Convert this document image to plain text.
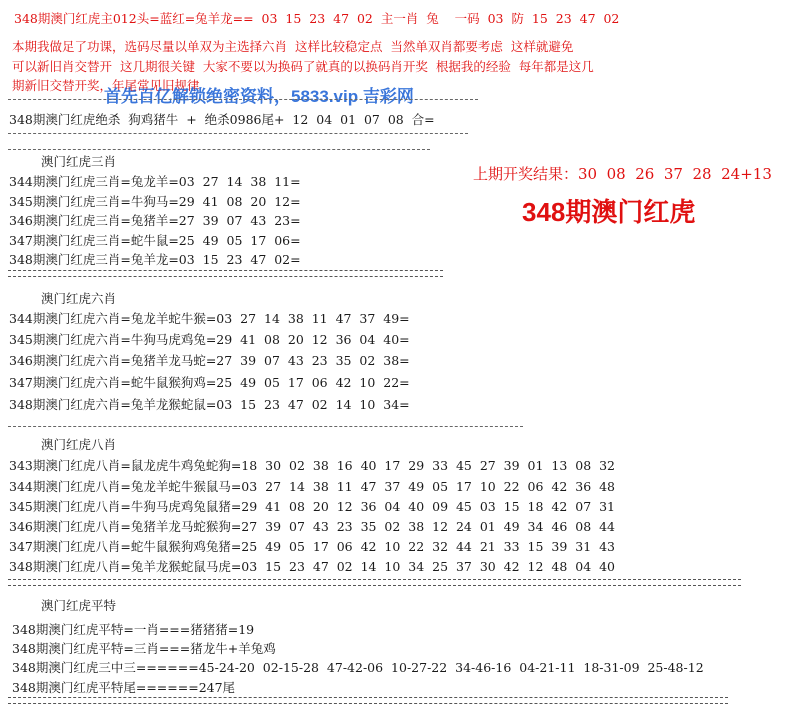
348期澳门红虎主012头=蓝红=兔羊龙==  03  15  23  47  02  主一肖  兔    一码  03  防  15  23  47  02
本期我做足了功课，选码尽量以单双为主选择六肖  这样比较稳定点  当然单双肖都要考虑  这样就避免
可以新旧肖交替开  这几期很关键  大家不要以为换码了就真的以换码肖开奖  根据我的经验  每年都是这几
期新旧交替开奖，年尾常见旧规律
首先百亿解锁绝密资料，5833.vip 吉彩网
348期澳门红虎绝杀  狗鸡猪牛  +  绝杀0986尾+  12  04  01  07  08  合=
上期开奖结果：30  08  26  37  28  24+13
348期澳门红虎
澳门红虎三肖
344期澳门红虎三肖=兔龙羊=03  27  14  38  11=
345期澳门红虎三肖=牛狗马=29  41  08  20  12=
346期澳门红虎三肖=兔猪羊=27  39  07  43  23=
347期澳门红虎三肖=蛇牛鼠=25  49  05  17  06=
348期澳门红虎三肖=兔羊龙=03  15  23  47  02=
澳门红虎六肖
344期澳门红虎六肖=兔龙羊蛇牛猴=03  27  14  38  11  47  37  49=
345期澳门红虎六肖=牛狗马虎鸡兔=29  41  08  20  12  36  04  40=
346期澳门红虎六肖=兔猪羊龙马蛇=27  39  07  43  23  35  02  38=
347期澳门红虎六肖=蛇牛鼠猴狗鸡=25  49  05  17  06  42  10  22=
348期澳门红虎六肖=兔羊龙猴蛇鼠=03  15  23  47  02  14  10  34=
澳门红虎八肖
343期澳门红虎八肖=鼠龙虎牛鸡兔蛇狗=18  30  02  38  16  40  17  29  33  45  27  39  01  13  08  32
344期澳门红虎八肖=兔龙羊蛇牛猴鼠马=03  27  14  38  11  47  37  49  05  17  10  22  06  42  36  48
345期澳门红虎八肖=牛狗马虎鸡兔鼠猪=29  41  08  20  12  36  04  40  09  45  03  15  18  42  07  31
346期澳门红虎八肖=兔猪羊龙马蛇猴狗=27  39  07  43  23  35  02  38  12  24  01  49  34  46  08  44
347期澳门红虎八肖=蛇牛鼠猴狗鸡兔猪=25  49  05  17  06  42  10  22  32  44  21  33  15  39  31  43
348期澳门红虎八肖=兔羊龙猴蛇鼠马虎=03  15  23  47  02  14  10  34  25  37  30  42  12  48  04  40
澳门红虎平特
348期澳门红虎平特=一肖===猪猪猪=19
348期澳门红虎平特=三肖===猪龙牛+羊兔鸡
348期澳门红虎三中三======45-24-20  02-15-28  47-42-06  10-27-22  34-46-16  04-21-11  18-31-09  25-48-12
348期澳门红虎平特尾======247尾
